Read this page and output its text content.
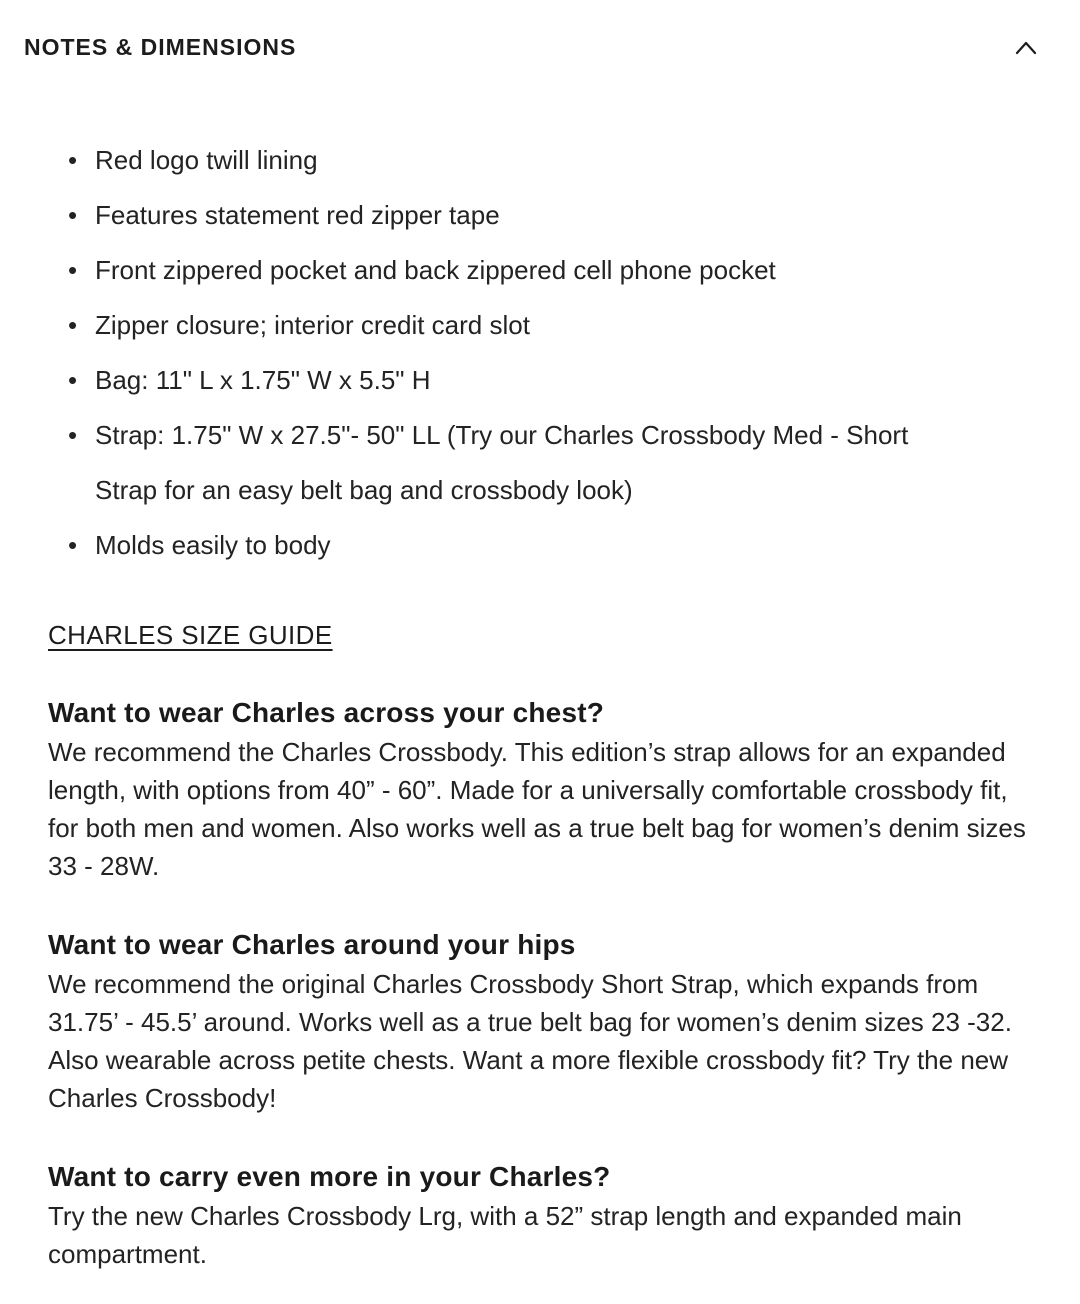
NOTES & DIMENSIONS
• Red logo twill lining
• Features statement red zipper tape
• Front zippered pocket and back zippered cell phone pocket
• Zipper closure; interior credit card slot
• Bag: 11" L x 1.75" W x 5.5" H
• Strap: 1.75" W x 27.5"- 50" LL (Try our Charles Crossbody Med - Short Strap for an easy belt bag and crossbody look)
• Molds easily to body
CHARLES SIZE GUIDE
Want to wear Charles across your chest?
We recommend the Charles Crossbody. This edition’s strap allows for an expanded length, with options from 40” - 60”. Made for a universally comfortable crossbody fit, for both men and women. Also works well as a true belt bag for women’s denim sizes 33 - 28W.
Want to wear Charles around your hips
We recommend the original Charles Crossbody Short Strap, which expands from 31.75’ - 45.5’ around. Works well as a true belt bag for women’s denim sizes 23 -32. Also wearable across petite chests. Want a more flexible crossbody fit? Try the new Charles Crossbody!
Want to carry even more in your Charles?
Try the new Charles Crossbody Lrg, with a 52” strap length and expanded main compartment.
